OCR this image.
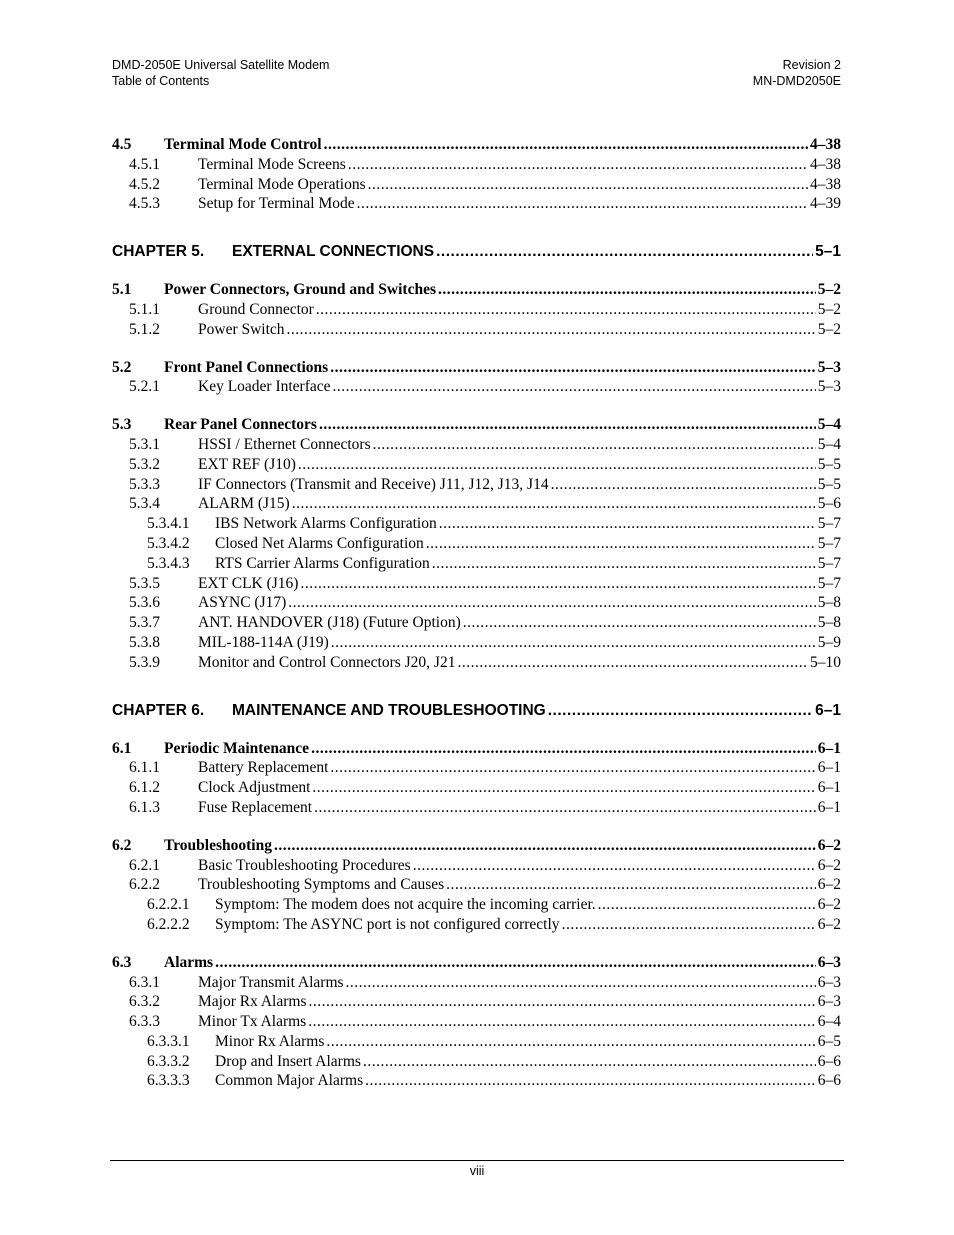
DMD-2050E Universal Satellite Modem
Table of Contents
Revision 2
MN-DMD2050E
4.5	Terminal Mode Control .....	4–38
4.5.1	Terminal Mode Screens .....	4–38
4.5.2	Terminal Mode Operations .....	4–38
4.5.3	Setup for Terminal Mode .....	4–39
CHAPTER 5.	EXTERNAL CONNECTIONS .....	5–1
5.1	Power Connectors, Ground and Switches .....	5–2
5.1.1	Ground Connector .....	5–2
5.1.2	Power Switch .....	5–2
5.2	Front Panel Connections .....	5–3
5.2.1	Key Loader Interface .....	5–3
5.3	Rear Panel Connectors .....	5–4
5.3.1	HSSI / Ethernet Connectors .....	5–4
5.3.2	EXT REF (J10) .....	5–5
5.3.3	IF Connectors (Transmit and Receive) J11, J12, J13, J14 .....	5–5
5.3.4	ALARM (J15) .....	5–6
5.3.4.1	IBS Network Alarms Configuration .....	5–7
5.3.4.2	Closed Net Alarms Configuration .....	5–7
5.3.4.3	RTS Carrier Alarms Configuration .....	5–7
5.3.5	EXT CLK (J16) .....	5–7
5.3.6	ASYNC (J17) .....	5–8
5.3.7	ANT. HANDOVER (J18) (Future Option) .....	5–8
5.3.8	MIL-188-114A (J19) .....	5–9
5.3.9	Monitor and Control Connectors J20, J21 .....	5–10
CHAPTER 6.	MAINTENANCE AND TROUBLESHOOTING .....	6–1
6.1	Periodic Maintenance .....	6–1
6.1.1	Battery Replacement .....	6–1
6.1.2	Clock Adjustment .....	6–1
6.1.3	Fuse Replacement .....	6–1
6.2	Troubleshooting .....	6–2
6.2.1	Basic Troubleshooting Procedures .....	6–2
6.2.2	Troubleshooting Symptoms and Causes .....	6–2
6.2.2.1	Symptom: The modem does not acquire the incoming carrier. .....	6–2
6.2.2.2	Symptom: The ASYNC port is not configured correctly .....	6–2
6.3	Alarms .....	6–3
6.3.1	Major Transmit Alarms .....	6–3
6.3.2	Major Rx Alarms .....	6–3
6.3.3	Minor Tx Alarms .....	6–4
6.3.3.1	Minor Rx Alarms .....	6–5
6.3.3.2	Drop and Insert Alarms .....	6–6
6.3.3.3	Common Major Alarms .....	6–6
viii
